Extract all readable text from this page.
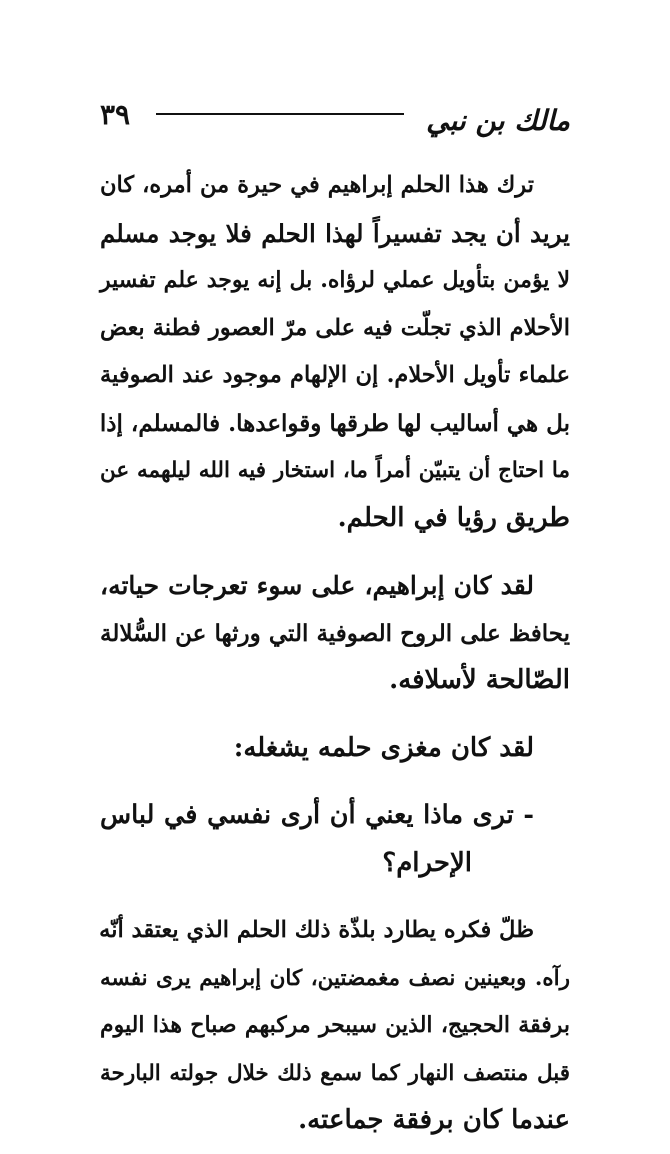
مالك بن نبي
٣٩
ترك هذا الحلم إبراهيم في حيرة من أمره، كان
يريد أن يجد تفسيراً لهذا الحلم فلا يوجد مسلم
لا يؤمن بتأويل عملي لرؤاه. بل إنه يوجد علم تفسير
الأحلام الذي تجلّت فيه على مرّ العصور فطنة بعض
علماء تأويل الأحلام. إن الإلهام موجود عند الصوفية
بل هي أساليب لها طرقها وقواعدها. فالمسلم، إذا
ما احتاج أن يتبيّن أمراً ما، استخار فيه الله ليلهمه عن
طريق رؤيا في الحلم.
لقد كان إبراهيم، على سوء تعرجات حياته،
يحافظ على الروح الصوفية التي ورثها عن السُّلالة
الصّالحة لأسلافه.
لقد كان مغزى حلمه يشغله:
- ترى ماذا يعني أن أرى نفسي في لباس
الإحرام؟
ظلّ فكره يطارد بلذّة ذلك الحلم الذي يعتقد أنّه
رآه. وبعينين نصف مغمضتين، كان إبراهيم يرى نفسه
برفقة الحجيج، الذين سيبحر مركبهم صباح هذا اليوم
قبل منتصف النهار كما سمع ذلك خلال جولته البارحة
عندما كان برفقة جماعته.
